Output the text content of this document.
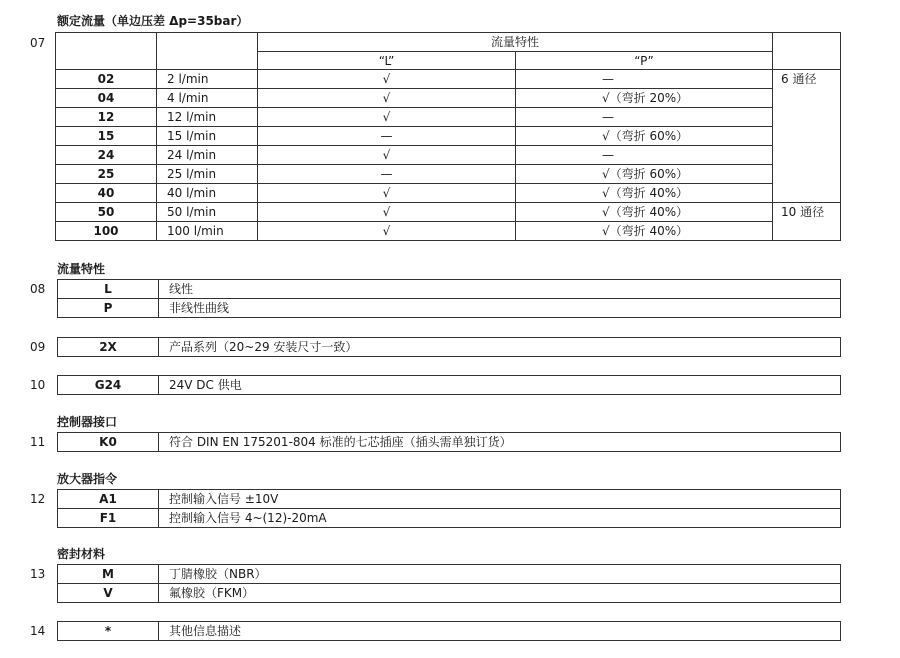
额定流量（单边压差 Δp=35bar）
07
			流量特性		
		“L”	“P”	
02	2 l/min	√	—	6 通径
04	4 l/min	√	√（弯折 20%）	
12	12 l/min	√	—	
15	15 l/min	—	√（弯折 60%）	
24	24 l/min	√	—	
25	25 l/min	—	√（弯折 60%）	
40	40 l/min	√	√（弯折 40%）	
50	50 l/min	√	√（弯折 40%）	10 通径
100	100 l/min	√	√（弯折 40%）	
流量特性
08	L	线性
P	非线性曲线
09	2X	产品系列（20~29 安装尺寸一致）
10	G24	24V DC 供电
控制器接口
11	K0	符合 DIN EN 175201-804 标准的七芯插座（插头需单独订货）
放大器指令
12	A1	控制输入信号 ±10V
F1	控制输入信号 4~(12)-20mA
密封材料
13	M	丁腈橡胶（NBR）
V	氟橡胶（FKM）
14	*	其他信息描述
